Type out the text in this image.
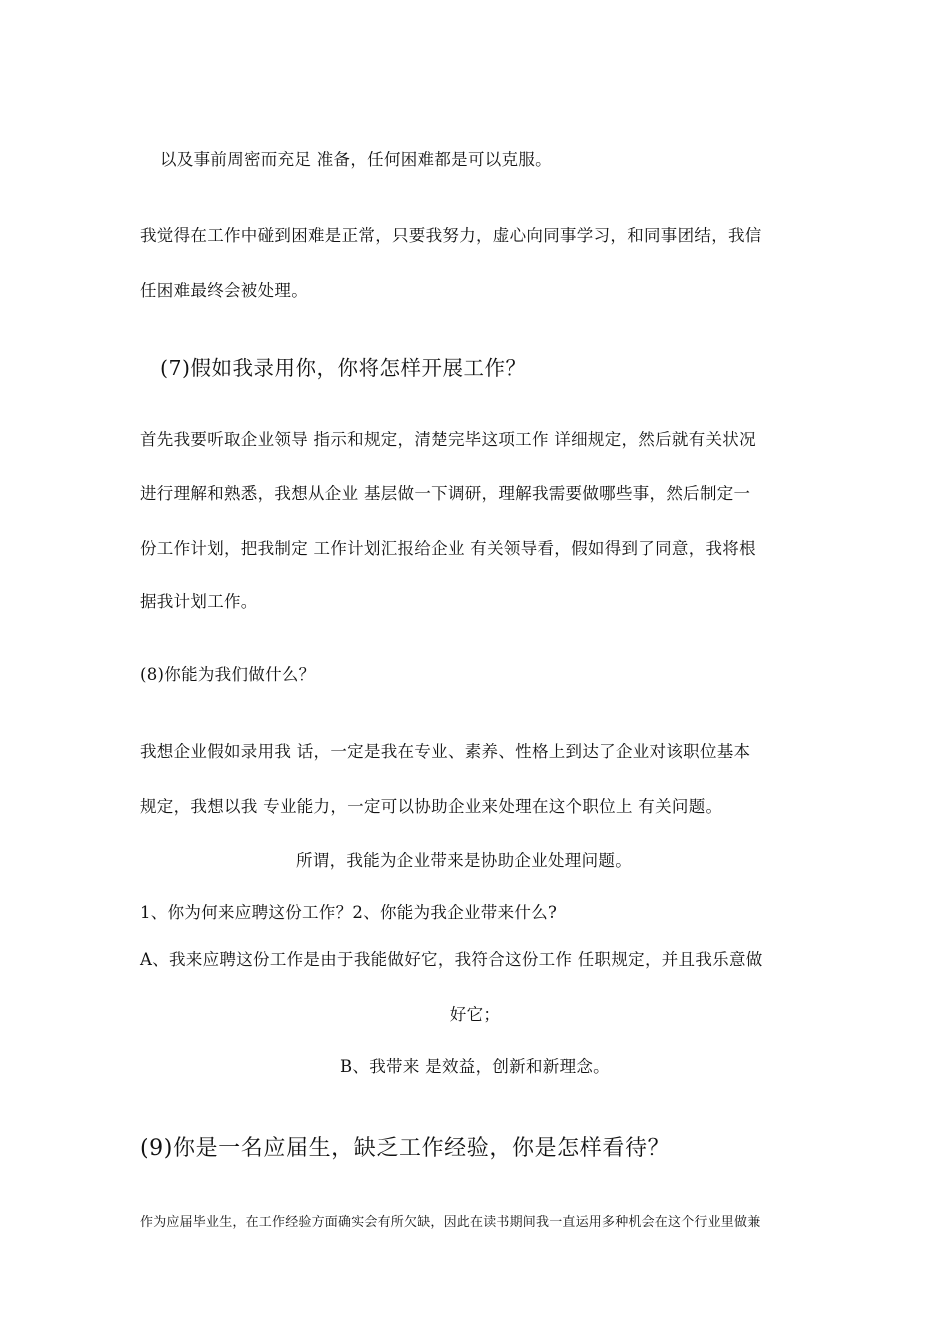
以及事前周密而充足 准备，任何困难都是可以克服。
我觉得在工作中碰到困难是正常，只要我努力，虚心向同事学习，和同事团结，我信
任困难最终会被处理。
(7)假如我录用你，你将怎样开展工作？
首先我要听取企业领导 指示和规定，清楚完毕这项工作 详细规定，然后就有关状况
进行理解和熟悉，我想从企业 基层做一下调研，理解我需要做哪些事，然后制定一
份工作计划，把我制定 工作计划汇报给企业 有关领导看，假如得到了同意，我将根
据我计划工作。
(8)你能为我们做什么？
我想企业假如录用我 话，一定是我在专业、素养、性格上到达了企业对该职位基本
规定，我想以我 专业能力，一定可以协助企业来处理在这个职位上 有关问题。
所谓，我能为企业带来是协助企业处理问题。
1、你为何来应聘这份工作？2、你能为我企业带来什么?
A、我来应聘这份工作是由于我能做好它，我符合这份工作 任职规定，并且我乐意做
好它；
B、我带来 是效益，创新和新理念。
(9)你是一名应届生，缺乏工作经验，你是怎样看待？
作为应届毕业生，在工作经验方面确实会有所欠缺，因此在读书期间我一直运用多种机会在这个行业里做兼
